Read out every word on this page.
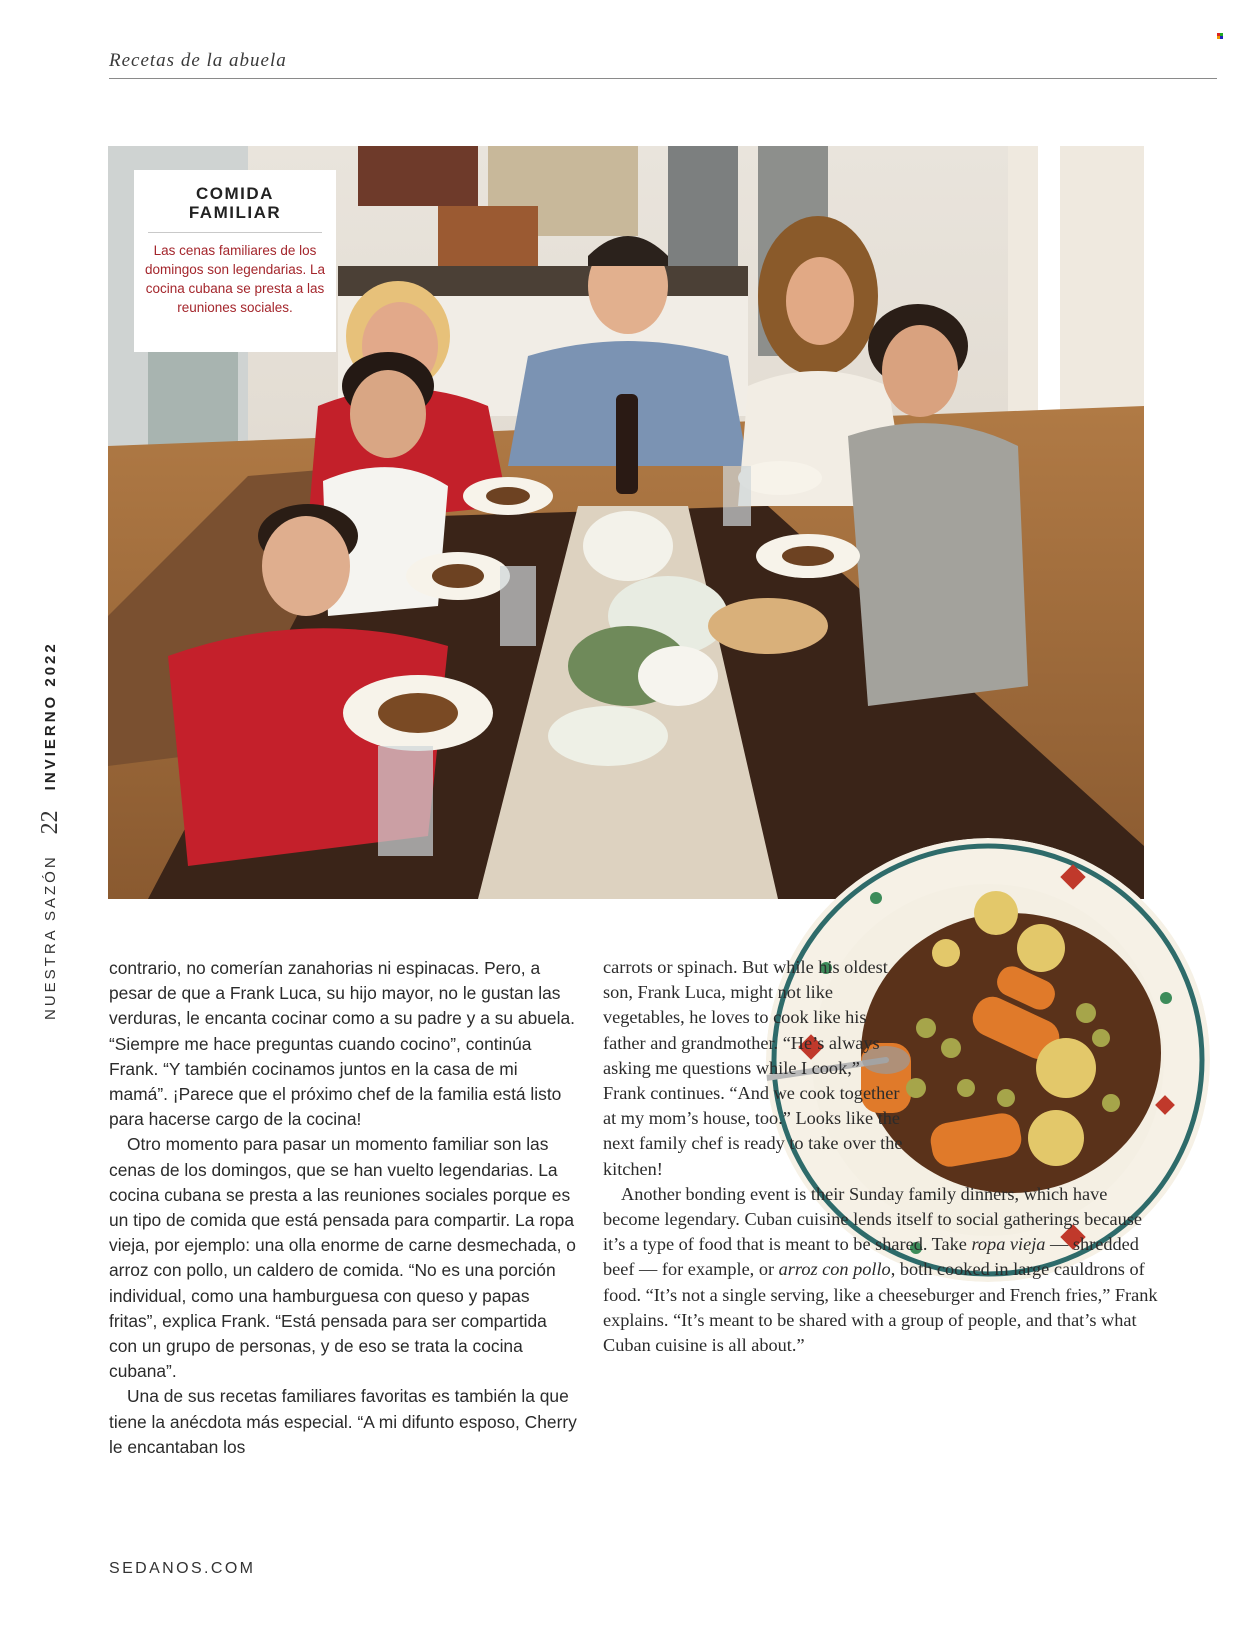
Recetas de la abuela
NUESTRA SAZÓN
22
INVIERNO 2022
COMIDA FAMILIAR
Las cenas familiares de los domingos son legendarias. La cocina cubana se presta a las reuniones sociales.

contrario, no comerían zanahorias ni espinacas. Pero, a pesar de que a Frank Luca, su hijo mayor, no le gustan las verduras, le encanta cocinar como a su padre y a su abuela. “Siempre me hace preguntas cuando cocino”, continúa Frank. “Y también cocinamos juntos en la casa de mi mamá”. ¡Parece que el próximo chef de la familia está listo para hacerse cargo de la cocina!

Otro momento para pasar un momento familiar son las cenas de los domingos, que se han vuelto legendarias. La cocina cubana se presta a las reuniones sociales porque es un tipo de comida que está pensada para compartir. La ropa vieja, por ejemplo: una olla enorme de carne desmechada, o arroz con pollo, un caldero de comida. “No es una porción individual, como una hamburguesa con queso y papas fritas”, explica Frank. “Está pensada para ser compartida con un grupo de personas, y de eso se trata la cocina cubana”.

Una de sus recetas familiares favoritas es también la que tiene la anécdota más especial. “A mi difunto esposo, Cherry le encantaban los

carrots or spinach. But while his oldest son, Frank Luca, might not like vegetables, he loves to cook like his father and grandmother. “He’s always asking me questions while I cook,” Frank continues. “And we cook together at my mom’s house, too.” Looks like the next family chef is ready to take over the kitchen!

Another bonding event is their Sunday family dinners, which have become legendary. Cuban cuisine lends itself to social gatherings because it’s a type of food that is meant to be shared. Take ropa vieja — shredded beef — for example, or arroz con pollo, both cooked in large cauldrons of food. “It’s not a single serving, like a cheeseburger and French fries,” Frank explains. “It’s meant to be shared with a group of people, and that’s what Cuban cuisine is all about.”

SEDANOS.COM
